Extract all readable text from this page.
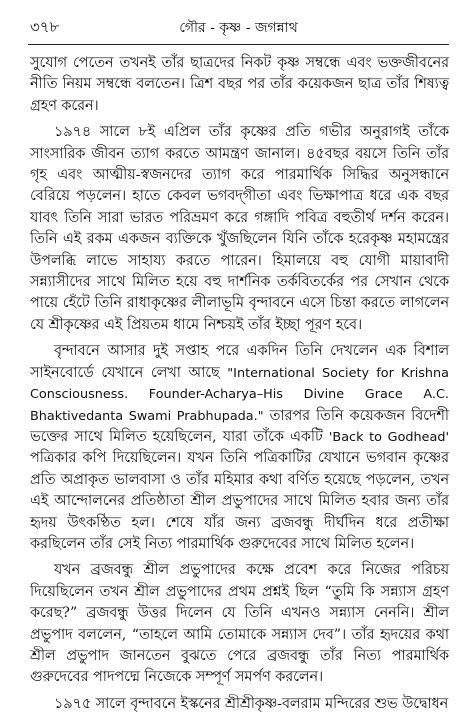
৩৭৮	গৌর - কৃষ্ণ - জগন্নাথ

সুযোগ পেতেন তখনই তাঁর ছাত্রদের নিকট কৃষ্ণ সম্বন্ধে এবং ভক্তজীবনের নীতি নিয়ম সম্বন্ধে বলতেন। ত্রিশ বছর পর তাঁর কয়েকজন ছাত্র তাঁর শিষ্যত্ব গ্রহণ করেন।

১৯৭৪ সালে ৮ই এপ্রিল তাঁর কৃষ্ণের প্রতি গভীর অনুরাগই তাঁকে সাংসারিক জীবন ত্যাগ করতে আমন্ত্রণ জানাল। ৪৫বছর বয়সে তিনি তাঁর গৃহ এবং আত্মীয়-স্বজনদের ত্যাগ করে পারমার্থিক সিদ্ধির অনুসন্ধানে বেরিয়ে পড়লেন। হাতে কেবল ভগবদ্‌গীতা এবং ভিক্ষাপাত্র ধরে এক বছর যাবৎ তিনি সারা ভারত পরিভ্রমণ করে গঙ্গাদি পবিত্র বহুতীর্থ দর্শন করেন। তিনি এই রকম একজন ব্যক্তিকে খুঁজছিলেন যিনি তাঁকে হরেকৃষ্ণ মহামন্ত্রের উপলব্ধি লাভে সাহায্য করতে পারেন। হিমালয়ে বহু যোগী মায়াবাদী সন্ন্যাসীদের সাথে মিলিত হয়ে বহু দার্শনিক তর্কবিতর্কের পর সেখান থেকে পায়ে হেঁটে তিনি রাধাকৃষ্ণের লীলাভূমি বৃন্দাবনে এসে চিন্তা করতে লাগলেন যে শ্রীকৃষ্ণের এই প্রিয়তম ধামে নিশ্চয়ই তাঁর ইচ্ছা পূরণ হবে।

বৃন্দাবনে আসার দুই সপ্তাহ পরে একদিন তিনি দেখলেন এক বিশাল সাইনবোর্ডে যেখানে লেখা আছে "International Society for Krishna Consciousness. Founder-Acharya–His Divine Grace A.C. Bhaktivedanta Swami Prabhupada." তারপর তিনি কয়েকজন বিদেশী ভক্তের সাথে মিলিত হয়েছিলেন, যারা তাঁকে একটি 'Back to Godhead' পত্রিকার কপি দিয়েছিলেন। যখন তিনি পত্রিকাটির যেখানে ভগবান কৃষ্ণের প্রতি অপ্রাকৃত ভালবাসা ও তাঁর মহিমার কথা বর্ণিত হয়েছে পড়লেন, তখন এই আন্দোলনের প্রতিষ্ঠাতা শ্রীল প্রভুপাদের সাথে মিলিত হবার জন্য তাঁর হৃদয় উৎকণ্ঠিত হল। শেষে যাঁর জন্য ব্রজবন্ধু দীর্ঘদিন ধরে প্রতীক্ষা করছিলেন তাঁর সেই নিত্য পারমার্থিক গুরুদেবের সাথে মিলিত হলেন।

যখন ব্রজবন্ধু শ্রীল প্রভুপাদের কক্ষে প্রবেশ করে নিজের পরিচয় দিয়েছিলেন তখন শ্রীল প্রভুপাদের প্রথম প্রশ্নই ছিল “তুমি কি সন্ন্যাস গ্রহণ করেছ?” ব্রজবন্ধু উত্তর দিলেন যে তিনি এখনও সন্ন্যাস নেননি। শ্রীল প্রভুপাদ বললেন, “তাহলে আমি তোমাকে সন্ন্যাস দেব”। তাঁর হৃদয়ের কথা শ্রীল প্রভুপাদ জানতেন বুঝতে পেরে ব্রজবন্ধু তাঁর নিত্য পারমার্থিক গুরুদেবের পাদপদ্মে নিজেকে সম্পূর্ণ সমর্পণ করলেন।

১৯৭৫ সালে বৃন্দাবনে ইস্কনের শ্রীশ্রীকৃষ্ণ-বলরাম মন্দিরের শুভ উদ্বোধন
